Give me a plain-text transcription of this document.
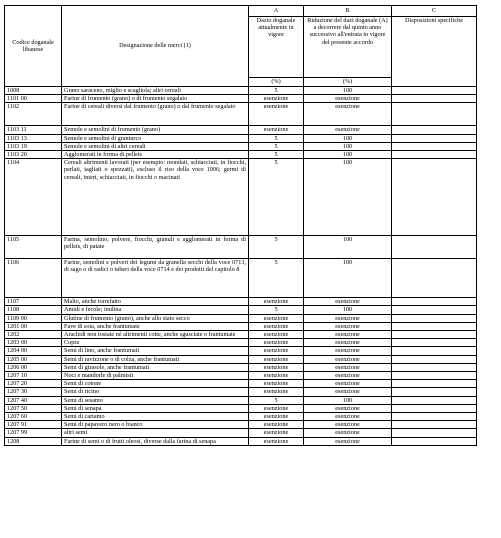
Codice doganale libanese	Designazione delle merci (1)	A	B	C
		Dazio doganale attualmente in vigore	Riduzione del dazi doganale (A) a decorrere dal quinto anno successivo all'entrata in vigore del presente accordo	Disposizioni specifiche
		(%)	(%)	
1008	Grano saraceno, miglio e scagliola; altri cereali	5	100	
1101 00	Farine di frumento (grano) o di frumento segalato	esenzione	esenzione	
1102	Farine di cereali diversi dal frumento (grano) o dal frumento segalato	esenzione	esenzione	
1103 11	Semole e semolini di frumento (grano)	esenzione	esenzione	
1103 13	Semole e semolini di granturco	5	100	
1103 19	Semole e semolini di altri cereali	5	100	
1103 20	Agglomerati in forma di pellets	5	100	
1104	Cereali altrimenti lavorati (per esempio: mondati, schiacciati, in fiocchi, perlati, tagliati o spezzati), escluso il riso della voce 1006; germi di cereali, interi, schiacciati, in fiocchi o macinati	5	100	
1105	Farina, semolino, polvere, fiocchi, granuli e agglomerati in forma di pellets, di patate	5	100	
1106	Farine, semolini e polveri dei legumi da granella secchi della voce 0713, di sago o di radici o tuberi della voce 0714 e dei prodotti del capitolo 8	5	100	
1107	Malto, anche torrefatto	esenzione	esenzione	
1108	Amidi e fecole; inulina	5	100	
1109 00	Glutine di frumento (grano), anche allo stato secco	esenzione	esenzione	
1201 00	Fave di soia, anche frantumate	esenzione	esenzione	
1202	Arachidi non tostate né altrimenti cotte, anche sgusciate o frantumate	esenzione	esenzione	
1203 00	Copra	esenzione	esenzione	
1204 00	Semi di lino, anche frantumati	esenzione	esenzione	
1205 00	Semi di ravizzone o di colza, anche frantumati	esenzione	esenzione	
1206 00	Semi di girasole, anche frantumati	esenzione	esenzione	
1207 10	Noci e mandorle di palmisti	esenzione	esenzione	
1207 20	Semi di cotone	esenzione	esenzione	
1207 30	Semi di ricino	esenzione	esenzione	
1207 40	Semi di sesamo	5	100	
1207 50	Semi di senapa	esenzione	esenzione	
1207 60	Semi di cartamo	esenzione	esenzione	
1207 91	Semi di papavero nero o bianco	esenzione	esenzione	
1207 99	altri semi	esenzione	esenzione	
1208	Farine di semi o di frutti oleosi, diverse dalla farina di senapa	esenzione	esenzione	
